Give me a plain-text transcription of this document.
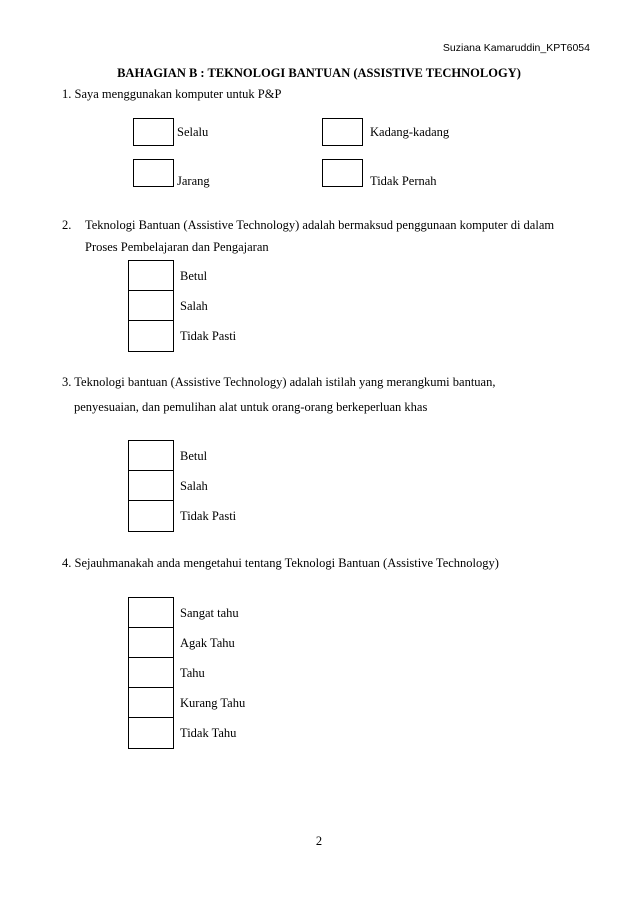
Suziana Kamaruddin_KPT6054
BAHAGIAN B : TEKNOLOGI BANTUAN (ASSISTIVE TECHNOLOGY)
1. Saya menggunakan komputer untuk P&P
Selalu	Kadang-kadang
Jarang	Tidak Pernah
2. Teknologi Bantuan (Assistive Technology) adalah bermaksud penggunaan komputer di dalam
Proses Pembelajaran dan Pengajaran
Betul
Salah
Tidak Pasti
3. Teknologi bantuan (Assistive Technology) adalah istilah yang merangkumi bantuan,
penyesuaian, dan pemulihan alat untuk orang-orang berkeperluan khas
Betul
Salah
Tidak Pasti
4. Sejauhmanakah anda mengetahui tentang Teknologi Bantuan (Assistive Technology)
Sangat tahu
Agak Tahu
Tahu
Kurang Tahu
Tidak Tahu
2
